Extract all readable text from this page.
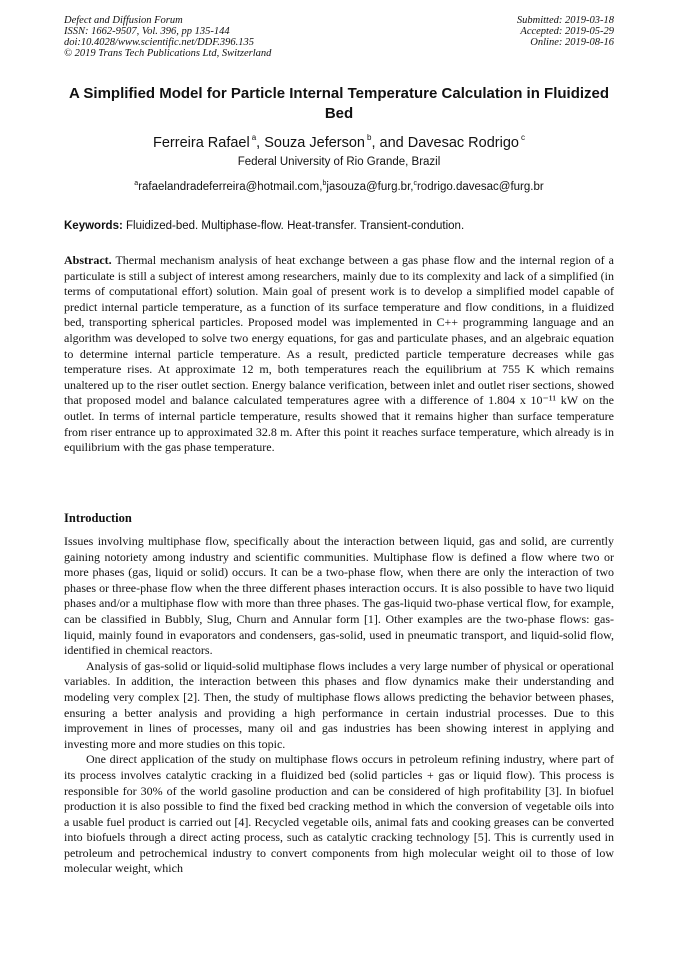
Defect and Diffusion Forum
ISSN: 1662-9507, Vol. 396, pp 135-144
doi:10.4028/www.scientific.net/DDF.396.135
© 2019 Trans Tech Publications Ltd, Switzerland
Submitted: 2019-03-18
Accepted: 2019-05-29
Online: 2019-08-16
A Simplified Model for Particle Internal Temperature Calculation in Fluidized Bed
Ferreira Rafael $^a$, Souza Jeferson $^b$, and Davesac Rodrigo $^c$
Federal University of Rio Grande, Brazil
$^a$rafaelandradeferreira@hotmail.com,$^b$jasouza@furg.br,$^c$rodrigo.davesac@furg.br
Keywords: Fluidized-bed. Multiphase-flow. Heat-transfer. Transient-condution.
Abstract. Thermal mechanism analysis of heat exchange between a gas phase flow and the internal region of a particulate is still a subject of interest among researchers, mainly due to its complexity and lack of a simplified (in terms of computational effort) solution. Main goal of present work is to develop a simplified model capable of predict internal particle temperature, as a function of its surface temperature and flow conditions, in a fluidized bed, transporting spherical particles. Proposed model was implemented in C++ programming language and an algorithm was developed to solve two energy equations, for gas and particulate phases, and an algebraic equation to determine internal particle temperature. As a result, predicted particle temperature decreases while gas temperature rises. At approximate 12 m, both temperatures reach the equilibrium at 755 K which remains unaltered up to the riser outlet section. Energy balance verification, between inlet and outlet riser sections, showed that proposed model and balance calculated temperatures agree with a difference of 1.804 x 10⁻¹¹ kW on the outlet. In terms of internal particle temperature, results showed that it remains higher than surface temperature from riser entrance up to approximated 32.8 m. After this point it reaches surface temperature, which already is in equilibrium with the gas phase temperature.
Introduction

Issues involving multiphase flow, specifically about the interaction between liquid, gas and solid, are currently gaining notoriety among industry and scientific communities. Multiphase flow is defined a flow where two or more phases (gas, liquid or solid) occurs. It can be a two-phase flow, when there are only the interaction of two phases or three-phase flow when the three different phases interaction occurs. It is also possible to have two liquid phases and/or a multiphase flow with more than three phases. The gas-liquid two-phase vertical flow, for example, can be classified in Bubbly, Slug, Churn and Annular form [1]. Other examples are the two-phase flows: gas-liquid, mainly found in evaporators and condensers, gas-solid, used in pneumatic transport, and liquid-solid flow, identified in chemical reactors.

Analysis of gas-solid or liquid-solid multiphase flows includes a very large number of physical or operational variables. In addition, the interaction between this phases and flow dynamics make their understanding and modeling very complex [2]. Then, the study of multiphase flows allows predicting the behavior between phases, ensuring a better analysis and providing a high performance in certain industrial processes. Due to this improvement in lines of processes, many oil and gas industries has been showing interest in applying and investing more and more studies on this topic.

One direct application of the study on multiphase flows occurs in petroleum refining industry, where part of its process involves catalytic cracking in a fluidized bed (solid particles + gas or liquid flow). This process is responsible for 30% of the world gasoline production and can be considered of high profitability [3]. In biofuel production it is also possible to find the fixed bed cracking method in which the conversion of vegetable oils into a usable fuel product is carried out [4]. Recycled vegetable oils, animal fats and cooking greases can be converted into biofuels through a direct acting process, such as catalytic cracking technology [5]. This is currently used in petroleum and petrochemical industry to convert components from high molecular weight oil to those of low molecular weight, which
